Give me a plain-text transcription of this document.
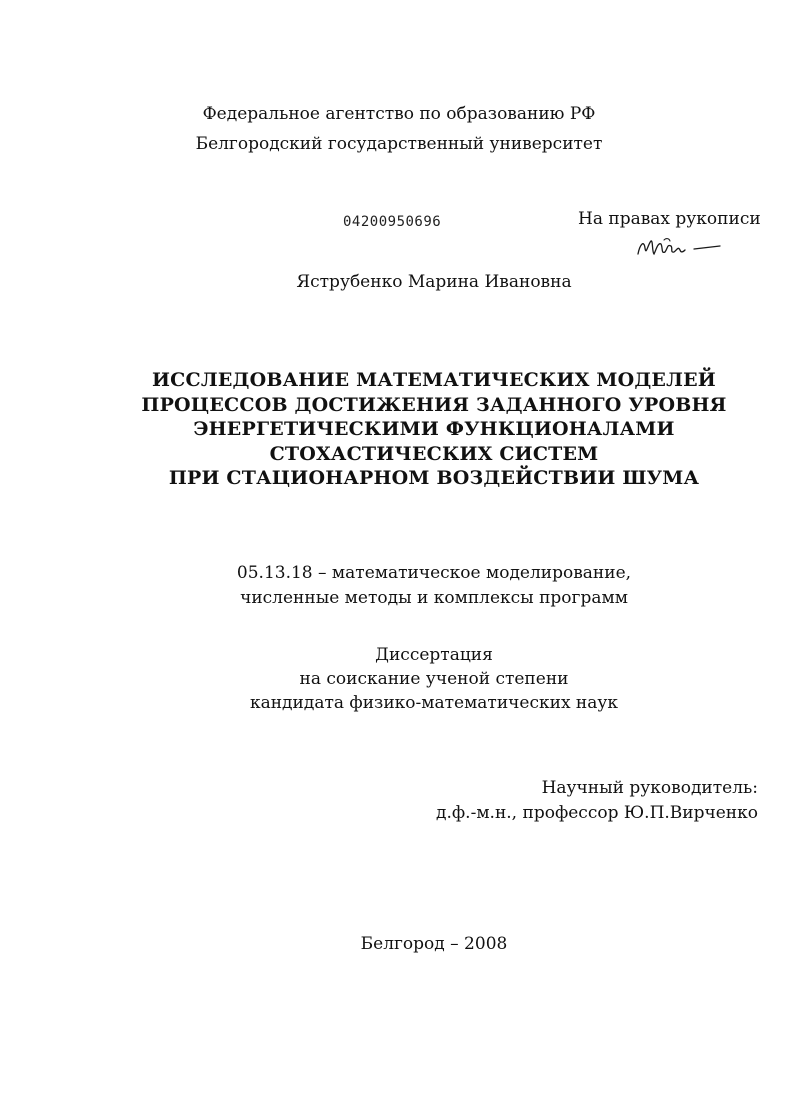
Федеральное агентство по образованию РФ
Белгородский государственный университет
04200950696	На правах рукописи
Яструбенко Марина Ивановна
ИССЛЕДОВАНИЕ МАТЕМАТИЧЕСКИХ МОДЕЛЕЙ
ПРОЦЕССОВ ДОСТИЖЕНИЯ ЗАДАННОГО УРОВНЯ
ЭНЕРГЕТИЧЕСКИМИ ФУНКЦИОНАЛАМИ
СТОХАСТИЧЕСКИХ СИСТЕМ
ПРИ СТАЦИОНАРНОМ ВОЗДЕЙСТВИИ ШУМА
05.13.18 – математическое моделирование,
численные методы и комплексы программ
Диссертация
на соискание ученой степени
кандидата физико-математических наук
Научный руководитель:
д.ф.-м.н., профессор Ю.П.Вирченко
Белгород – 2008
